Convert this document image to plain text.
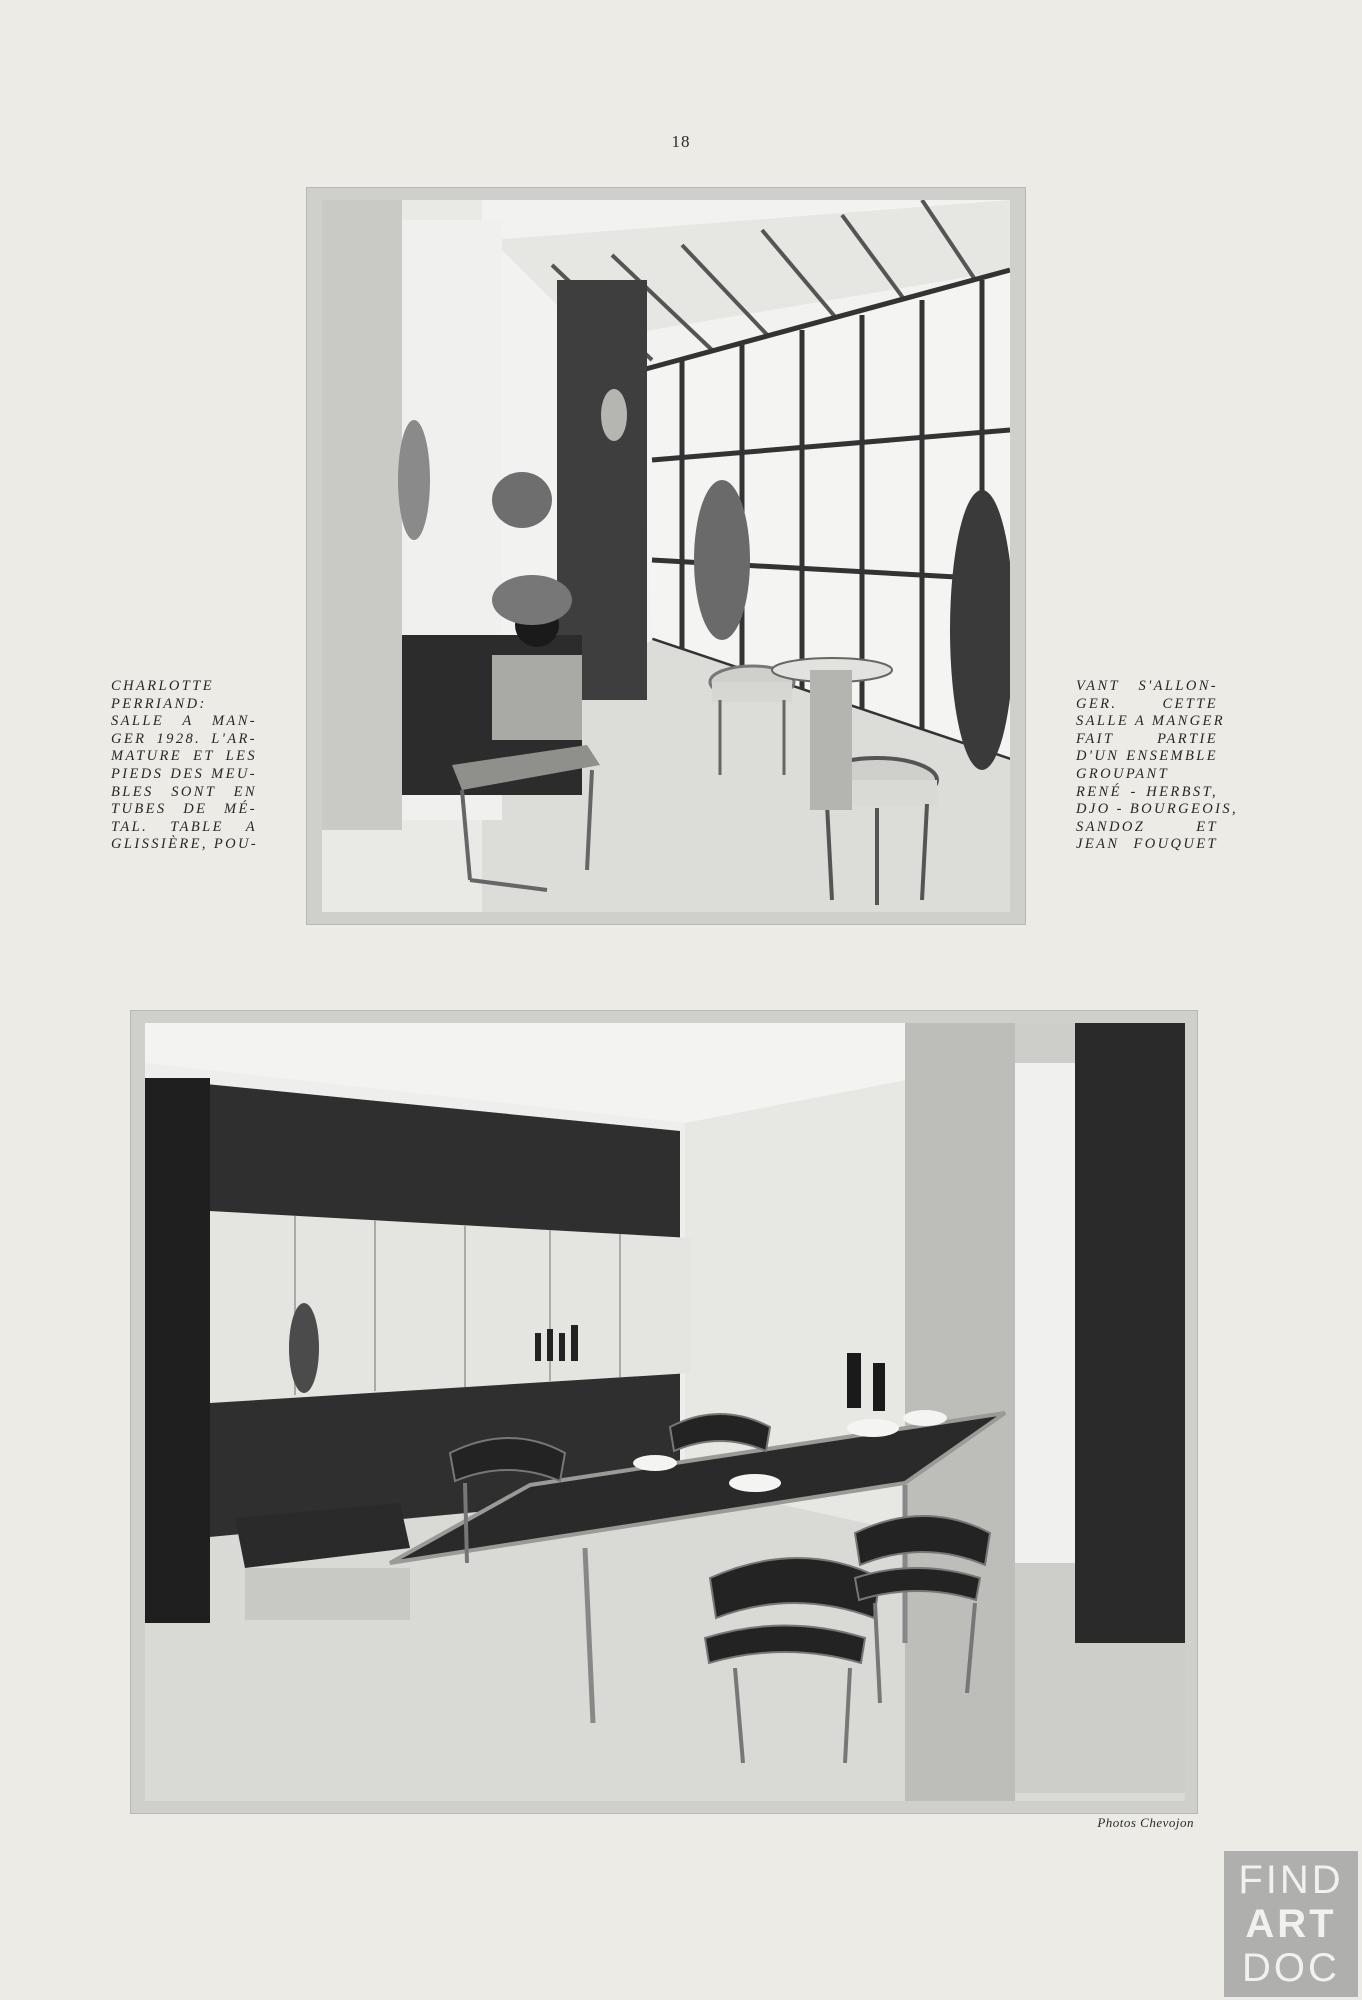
18
CHARLOTTE
PERRIAND:
SALLE A MAN-
GER 1928. L'AR-
MATURE ET LES
PIEDS DES MEU-
BLES SONT EN
TUBES DE MÉ-
TAL. TABLE A
GLISSIÈRE, POU-
VANT S'ALLON-
GER. CETTE
SALLE A MANGER
FAIT PARTIE
D'UN ENSEMBLE
GROUPANT
RENÉ - HERBST,
DJO - BOURGEOIS,
SANDOZ ET
JEAN FOUQUET
Photos Chevojon
FIND
ART
DOC
